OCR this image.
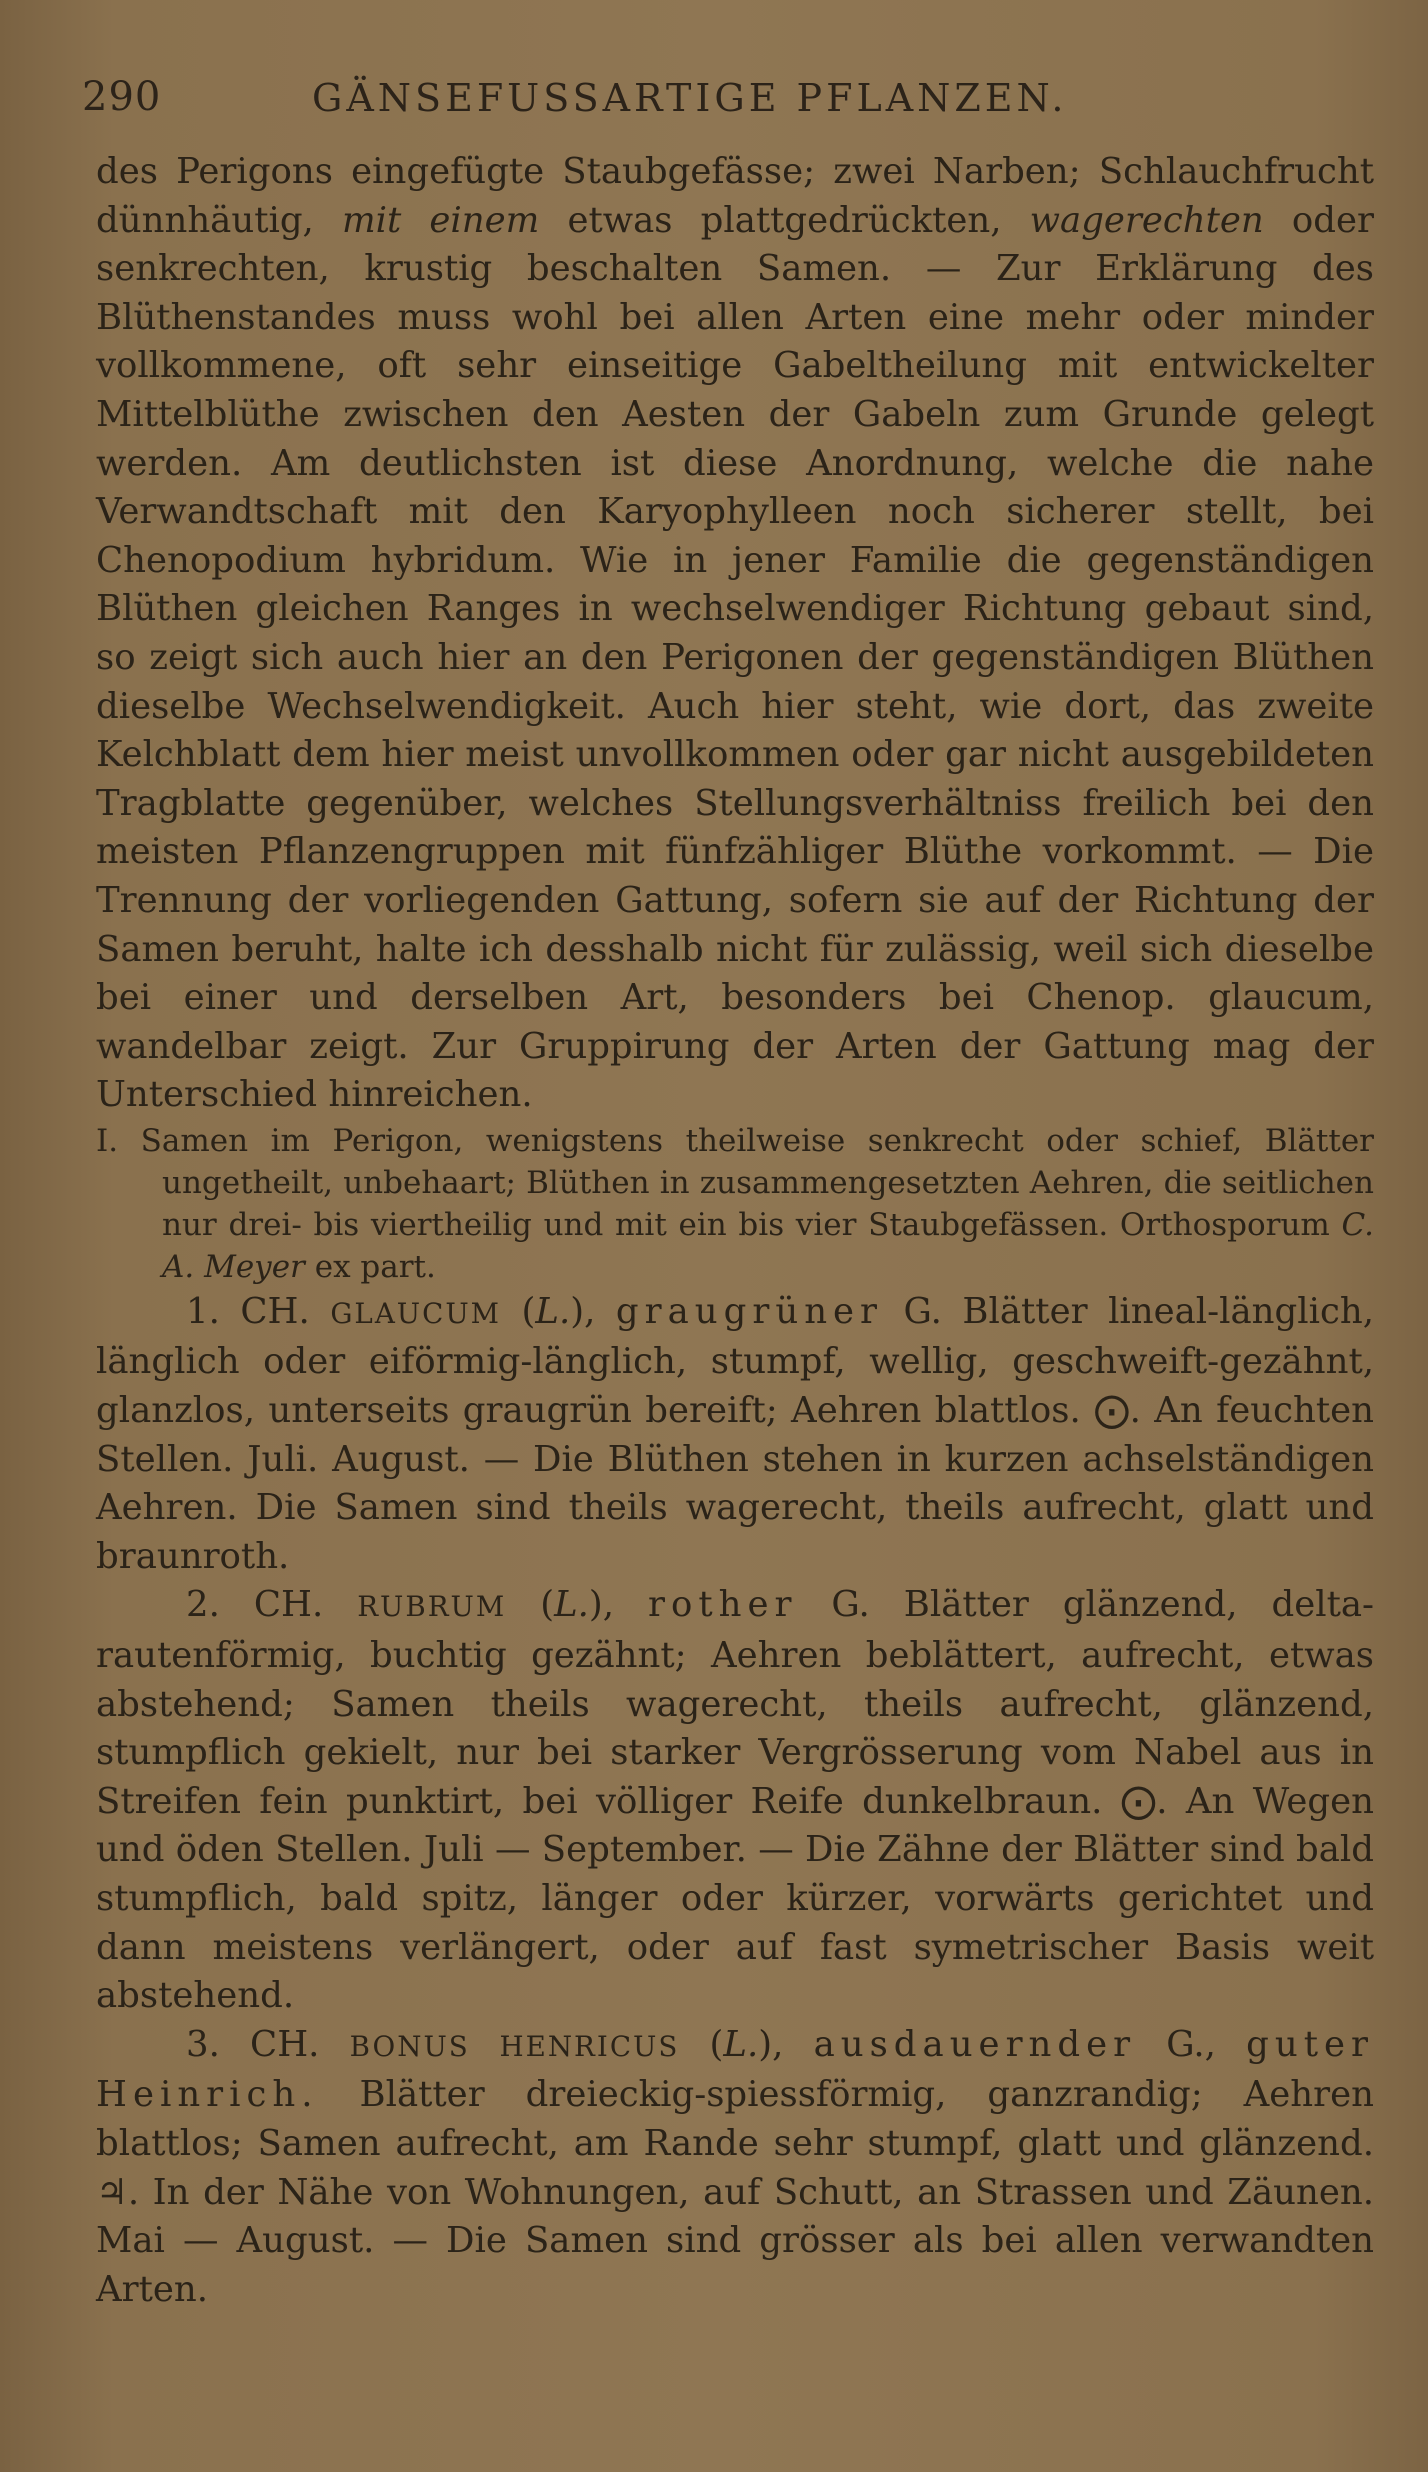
290	GÄNSEFUSSARTIGE PFLANZEN.

des Perigons eingefügte Staubgefässe; zwei Narben; Schlauchfrucht dünnhäutig, mit einem etwas plattgedrückten, wagerechten oder senkrechten, krustig beschalten Samen. — Zur Erklärung des Blüthenstandes muss wohl bei allen Arten eine mehr oder minder vollkommene, oft sehr einseitige Gabeltheilung mit entwickelter Mittelblüthe zwischen den Aesten der Gabeln zum Grunde gelegt werden. Am deutlichsten ist diese Anordnung, welche die nahe Verwandtschaft mit den Karyophylleen noch sicherer stellt, bei Chenopodium hybridum. Wie in jener Familie die gegenständigen Blüthen gleichen Ranges in wechselwendiger Richtung gebaut sind, so zeigt sich auch hier an den Perigonen der gegenständigen Blüthen dieselbe Wechselwendigkeit. Auch hier steht, wie dort, das zweite Kelchblatt dem hier meist unvollkommen oder gar nicht ausgebildeten Tragblatte gegenüber, welches Stellungsverhältniss freilich bei den meisten Pflanzengruppen mit fünfzähliger Blüthe vorkommt. — Die Trennung der vorliegenden Gattung, sofern sie auf der Richtung der Samen beruht, halte ich desshalb nicht für zulässig, weil sich dieselbe bei einer und derselben Art, besonders bei Chenop. glaucum, wandelbar zeigt. Zur Gruppirung der Arten der Gattung mag der Unterschied hinreichen.

I. Samen im Perigon, wenigstens theilweise senkrecht oder schief, Blätter ungetheilt, unbehaart; Blüthen in zusammengesetzten Aehren, die seitlichen nur drei- bis viertheilig und mit ein bis vier Staubgefässen. Orthosporum C. A. Meyer ex part.

1. CH. GLAUCUM (L.), graugrüner G. Blätter lineal-länglich, länglich oder eiförmig-länglich, stumpf, wellig, geschweift-gezähnt, glanzlos, unterseits graugrün bereift; Aehren blattlos. ⨀. An feuchten Stellen. Juli. August. — Die Blüthen stehen in kurzen achselständigen Aehren. Die Samen sind theils wagerecht, theils aufrecht, glatt und braunroth.

2. CH. RUBRUM (L.), rother G. Blätter glänzend, delta-rautenförmig, buchtig gezähnt; Aehren beblättert, aufrecht, etwas abstehend; Samen theils wagerecht, theils aufrecht, glänzend, stumpflich gekielt, nur bei starker Vergrösserung vom Nabel aus in Streifen fein punktirt, bei völliger Reife dunkelbraun. ⨀. An Wegen und öden Stellen. Juli — September. — Die Zähne der Blätter sind bald stumpflich, bald spitz, länger oder kürzer, vorwärts gerichtet und dann meistens verlängert, oder auf fast symetrischer Basis weit abstehend.

3. CH. BONUS HENRICUS (L.), ausdauernder G., guter Heinrich. Blätter dreieckig-spiessförmig, ganzrandig; Aehren blattlos; Samen aufrecht, am Rande sehr stumpf, glatt und glänzend. ♃. In der Nähe von Wohnungen, auf Schutt, an Strassen und Zäunen. Mai — August. — Die Samen sind grösser als bei allen verwandten Arten.
